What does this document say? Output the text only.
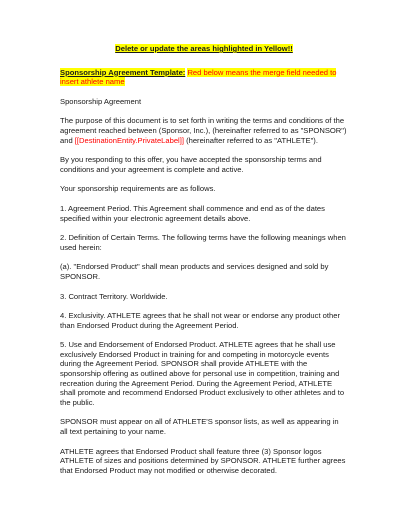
Delete or update the areas highlighted in Yellow!!
Sponsorship Agreement Template: Red below means the merge field needed to insert athlete name

Sponsorship Agreement

The purpose of this document is to set forth in writing the terms and conditions of the agreement reached between (Sponsor, Inc.), (hereinafter referred to as "SPONSOR") and [[DestinationEntity.PrivateLabel]] (hereinafter referred to as "ATHLETE").

By you responding to this offer, you have accepted the sponsorship terms and conditions and your agreement is complete and active.

Your sponsorship requirements are as follows.

1. Agreement Period. This Agreement shall commence and end as of the dates specified within your electronic agreement details above.

2. Definition of Certain Terms. The following terms have the following meanings when used herein:

(a). "Endorsed Product" shall mean products and services designed and sold by SPONSOR.

3. Contract Territory. Worldwide.

4. Exclusivity. ATHLETE agrees that he shall not wear or endorse any product other than Endorsed Product during the Agreement Period.

5. Use and Endorsement of Endorsed Product. ATHLETE agrees that he shall use exclusively Endorsed Product in training for and competing in motorcycle events during the Agreement Period. SPONSOR shall provide ATHLETE with the sponsorship offering as outlined above for personal use in competition, training and recreation during the Agreement Period. During the Agreement Period, ATHLETE shall promote and recommend Endorsed Product exclusively to other athletes and to the public.

SPONSOR must appear on all of ATHLETE'S sponsor lists, as well as appearing in all text pertaining to your name.

ATHLETE agrees that Endorsed Product shall feature three (3) Sponsor logos ATHLETE of sizes and positions determined by SPONSOR. ATHLETE further agrees that Endorsed Product may not modified or otherwise decorated.
